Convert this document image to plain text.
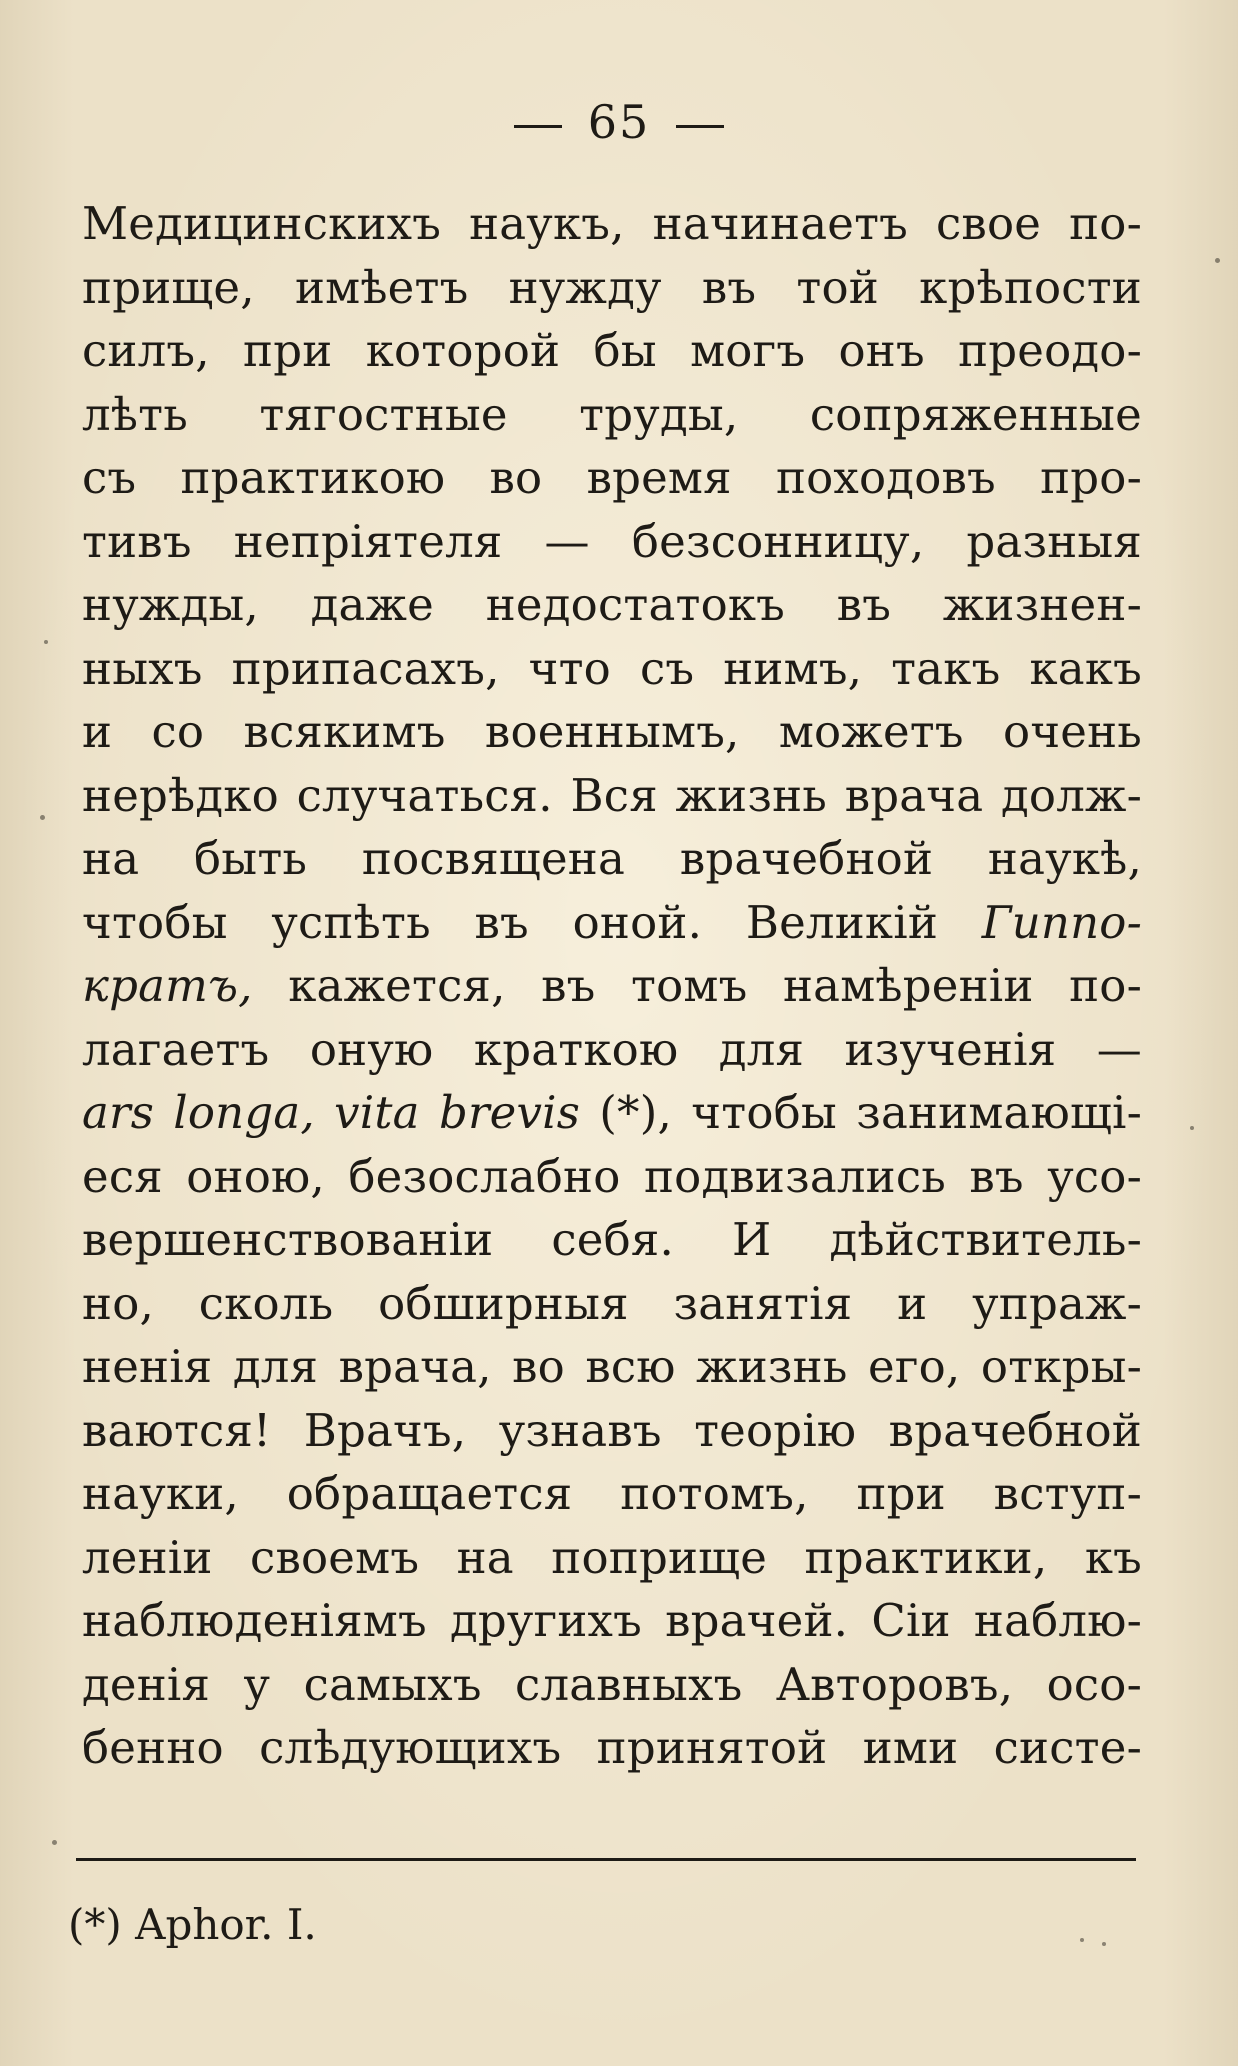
65
Медицинскихъ наукъ, начинаетъ свое по-
прище, имѣетъ нужду въ той крѣпости
силъ, при которой бы могъ онъ преодо-
лѣть тягостные труды, сопряженные
съ практикою во время походовъ про-
тивъ непріятеля — безсонницу, разныя
нужды, даже недостатокъ въ жизнен-
ныхъ припасахъ, что съ нимъ, такъ какъ
и со всякимъ военнымъ, можетъ очень
нерѣдко случаться. Вся жизнь врача долж-
на быть посвящена врачебной наукѣ,
чтобы успѣть въ оной. Великій Гиппо-
кратъ, кажется, въ томъ намѣреніи по-
лагаетъ оную краткою для изученія —
ars longa, vita brevis (*), чтобы занимающі-
еся оною, безослабно подвизались въ усо-
вершенствованіи себя. И дѣйствитель-
но, сколь обширныя занятія и упраж-
ненія для врача, во всю жизнь его, откры-
ваются! Врачъ, узнавъ теорію врачебной
науки, обращается потомъ, при вступ-
леніи своемъ на поприще практики, къ
наблюденіямъ другихъ врачей. Сіи наблю-
денія у самыхъ славныхъ Авторовъ, осо-
бенно слѣдующихъ принятой ими систе-
(*) Aphor. I.
